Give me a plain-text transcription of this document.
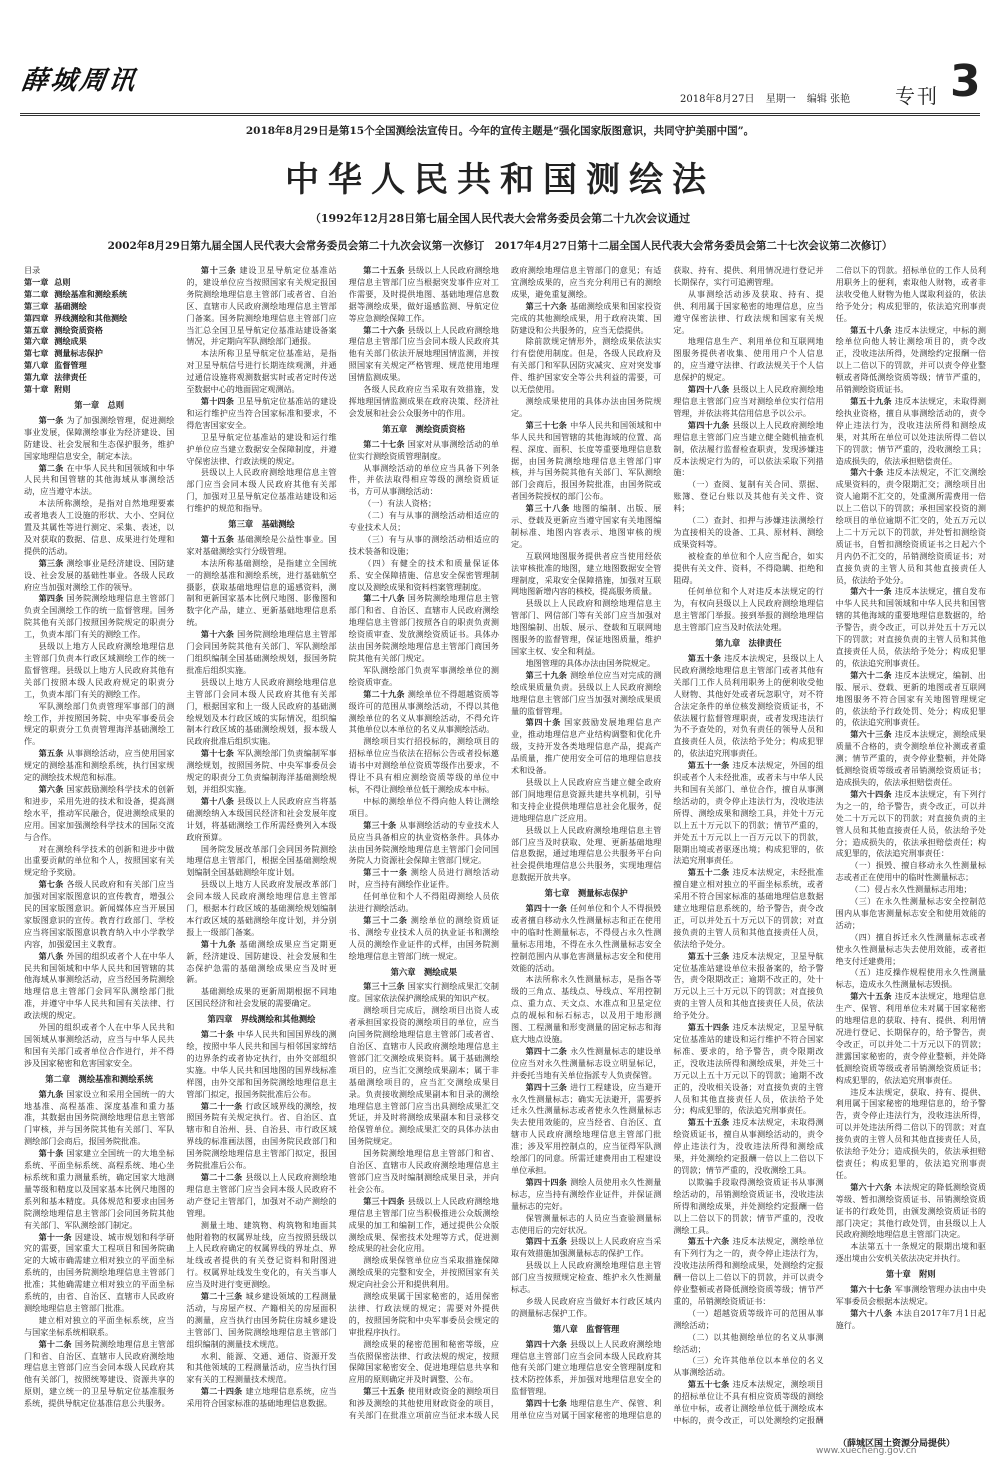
薛城周讯
2018年8月27日 星期一 编辑 张艳	专刊 3
2018年8月29日是第15个全国测绘法宣传日。今年的宣传主题是“强化国家版图意识，共同守护美丽中国”。
中华人民共和国测绘法
（1992年12月28日第七届全国人民代表大会常务委员会第二十九次会议通过
2002年8月29日第九届全国人民代表大会常务委员会第二十九次会议第一次修订　2017年4月27日第十二届全国人民代表大会常务委员会第二十七次会议第二次修订）

目录

第一章 总则

第二章 测绘基准和测绘系统

第三章 基础测绘

第四章 界线测绘和其他测绘

第五章 测绘资质资格

第六章 测绘成果

第七章 测量标志保护

第八章 监督管理

第九章 法律责任

第十章 附则

第一章　总则

第一条 为了加强测绘管理，促进测绘事业发展，保障测绘事业为经济建设、国防建设、社会发展和生态保护服务，维护国家地理信息安全，制定本法。

第二条 在中华人民共和国领域和中华人民共和国管辖的其他海域从事测绘活动，应当遵守本法。

本法所称测绘，是指对自然地理要素或者地表人工设施的形状、大小、空间位置及其属性等进行测定、采集、表述，以及对获取的数据、信息、成果进行处理和提供的活动。

第三条 测绘事业是经济建设、国防建设、社会发展的基础性事业。各级人民政府应当加强对测绘工作的领导。

第四条 国务院测绘地理信息主管部门负责全国测绘工作的统一监督管理。国务院其他有关部门按照国务院规定的职责分工，负责本部门有关的测绘工作。

县级以上地方人民政府测绘地理信息主管部门负责本行政区域测绘工作的统一监督管理。县级以上地方人民政府其他有关部门按照本级人民政府规定的职责分工，负责本部门有关的测绘工作。

军队测绘部门负责管理军事部门的测绘工作，并按照国务院、中央军事委员会规定的职责分工负责管理海洋基础测绘工作。

第五条 从事测绘活动，应当使用国家规定的测绘基准和测绘系统，执行国家规定的测绘技术规范和标准。

第六条 国家鼓励测绘科学技术的创新和进步，采用先进的技术和设备，提高测绘水平，推动军民融合，促进测绘成果的应用。国家加强测绘科学技术的国际交流与合作。

对在测绘科学技术的创新和进步中做出重要贡献的单位和个人，按照国家有关规定给予奖励。

第七条 各级人民政府和有关部门应当加强对国家版图意识的宣传教育，增强公民的国家版图意识。新闻媒体应当开展国家版图意识的宣传。教育行政部门、学校应当将国家版图意识教育纳入中小学教学内容，加强爱国主义教育。

第八条 外国的组织或者个人在中华人民共和国领域和中华人民共和国管辖的其他海域从事测绘活动，应当经国务院测绘地理信息主管部门会同军队测绘部门批准，并遵守中华人民共和国有关法律、行政法规的规定。

外国的组织或者个人在中华人民共和国领域从事测绘活动，应当与中华人民共和国有关部门或者单位合作进行，并不得涉及国家秘密和危害国家安全。

第二章　测绘基准和测绘系统

第九条 国家设立和采用全国统一的大地基准、高程基准、深度基准和重力基准，其数据由国务院测绘地理信息主管部门审核，并与国务院其他有关部门、军队测绘部门会商后，报国务院批准。

第十条 国家建立全国统一的大地坐标系统、平面坐标系统、高程系统、地心坐标系统和重力测量系统，确定国家大地测量等级和精度以及国家基本比例尺地图的系列和基本精度。具体规范和要求由国务院测绘地理信息主管部门会同国务院其他有关部门、军队测绘部门制定。

第十一条 因建设、城市规划和科学研究的需要，国家重大工程项目和国务院确定的大城市确需建立相对独立的平面坐标系统的，由国务院测绘地理信息主管部门批准；其他确需建立相对独立的平面坐标系统的，由省、自治区、直辖市人民政府测绘地理信息主管部门批准。

建立相对独立的平面坐标系统，应当与国家坐标系统相联系。

第十二条 国务院测绘地理信息主管部门和省、自治区、直辖市人民政府测绘地理信息主管部门应当会同本级人民政府其他有关部门，按照统筹建设、资源共享的原则，建立统一的卫星导航定位基准服务系统，提供导航定位基准信息公共服务。

第十三条 建设卫星导航定位基准站的，建设单位应当按照国家有关规定报国务院测绘地理信息主管部门或者省、自治区、直辖市人民政府测绘地理信息主管部门备案。国务院测绘地理信息主管部门应当汇总全国卫星导航定位基准站建设备案情况，并定期向军队测绘部门通报。

本法所称卫星导航定位基准站，是指对卫星导航信号进行长期连续观测，并通过通信设施将观测数据实时或者定时传送至数据中心的地面固定观测站。

第十四条 卫星导航定位基准站的建设和运行维护应当符合国家标准和要求，不得危害国家安全。

卫星导航定位基准站的建设和运行维护单位应当建立数据安全保障制度，并遵守保密法律、行政法规的规定。

县级以上人民政府测绘地理信息主管部门应当会同本级人民政府其他有关部门，加强对卫星导航定位基准站建设和运行维护的规范和指导。

第三章　基础测绘

第十五条 基础测绘是公益性事业。国家对基础测绘实行分级管理。

本法所称基础测绘，是指建立全国统一的测绘基准和测绘系统，进行基础航空摄影，获取基础地理信息的遥感资料，测制和更新国家基本比例尺地图、影像图和数字化产品，建立、更新基础地理信息系统。

第十六条 国务院测绘地理信息主管部门会同国务院其他有关部门、军队测绘部门组织编制全国基础测绘规划，报国务院批准后组织实施。

县级以上地方人民政府测绘地理信息主管部门会同本级人民政府其他有关部门，根据国家和上一级人民政府的基础测绘规划及本行政区域的实际情况，组织编制本行政区域的基础测绘规划，报本级人民政府批准后组织实施。

第十七条 军队测绘部门负责编制军事测绘规划，按照国务院、中央军事委员会规定的职责分工负责编制海洋基础测绘规划，并组织实施。

第十八条 县级以上人民政府应当将基础测绘纳入本级国民经济和社会发展年度计划，将基础测绘工作所需经费列入本级政府预算。

国务院发展改革部门会同国务院测绘地理信息主管部门，根据全国基础测绘规划编制全国基础测绘年度计划。

县级以上地方人民政府发展改革部门会同本级人民政府测绘地理信息主管部门，根据本行政区域的基础测绘规划编制本行政区域的基础测绘年度计划，并分别报上一级部门备案。

第十九条 基础测绘成果应当定期更新，经济建设、国防建设、社会发展和生态保护急需的基础测绘成果应当及时更新。

基础测绘成果的更新周期根据不同地区国民经济和社会发展的需要确定。

第四章　界线测绘和其他测绘

第二十条 中华人民共和国国界线的测绘，按照中华人民共和国与相邻国家缔结的边界条约或者协定执行，由外交部组织实施。中华人民共和国地图的国界线标准样图，由外交部和国务院测绘地理信息主管部门拟定，报国务院批准后公布。

第二十一条 行政区域界线的测绘，按照国务院有关规定执行。省、自治区、直辖市和自治州、县、自治县、市行政区域界线的标准画法图，由国务院民政部门和国务院测绘地理信息主管部门拟定，报国务院批准后公布。

第二十二条 县级以上人民政府测绘地理信息主管部门应当会同本级人民政府不动产登记主管部门，加强对不动产测绘的管理。

测量土地、建筑物、构筑物和地面其他附着物的权属界址线，应当按照县级以上人民政府确定的权属界线的界址点、界址线或者提供的有关登记资料和附图进行。权属界址线发生变化的，有关当事人应当及时进行变更测绘。

第二十三条 城乡建设领域的工程测量活动，与房屋产权、产籍相关的房屋面积的测量，应当执行由国务院住房城乡建设主管部门、国务院测绘地理信息主管部门组织编制的测量技术规范。

水利、能源、交通、通信、资源开发和其他领域的工程测量活动，应当执行国家有关的工程测量技术规范。

第二十四条 建立地理信息系统，应当采用符合国家标准的基础地理信息数据。

第二十五条 县级以上人民政府测绘地理信息主管部门应当根据突发事件应对工作需要，及时提供地图、基础地理信息数据等测绘成果，做好遥感监测、导航定位等应急测绘保障工作。

第二十六条 县级以上人民政府测绘地理信息主管部门应当会同本级人民政府其他有关部门依法开展地理国情监测，并按照国家有关规定严格管理、规范使用地理国情监测成果。

各级人民政府应当采取有效措施，发挥地理国情监测成果在政府决策、经济社会发展和社会公众服务中的作用。

第五章　测绘资质资格

第二十七条 国家对从事测绘活动的单位实行测绘资质管理制度。

从事测绘活动的单位应当具备下列条件，并依法取得相应等级的测绘资质证书，方可从事测绘活动：

（一）有法人资格；

（二）有与从事的测绘活动相适应的专业技术人员；

（三）有与从事的测绘活动相适应的技术装备和设施；

（四）有健全的技术和质量保证体系、安全保障措施、信息安全保密管理制度以及测绘成果和资料档案管理制度。

第二十八条 国务院测绘地理信息主管部门和省、自治区、直辖市人民政府测绘地理信息主管部门按照各自的职责负责测绘资质审查、发放测绘资质证书。具体办法由国务院测绘地理信息主管部门商国务院其他有关部门规定。

军队测绘部门负责军事测绘单位的测绘资质审查。

第二十九条 测绘单位不得超越资质等级许可的范围从事测绘活动，不得以其他测绘单位的名义从事测绘活动，不得允许其他单位以本单位的名义从事测绘活动。

测绘项目实行招投标的，测绘项目的招标单位应当依法在招标公告或者投标邀请书中对测绘单位资质等级作出要求，不得让不具有相应测绘资质等级的单位中标，不得让测绘单位低于测绘成本中标。

中标的测绘单位不得向他人转让测绘项目。

第三十条 从事测绘活动的专业技术人员应当具备相应的执业资格条件。具体办法由国务院测绘地理信息主管部门会同国务院人力资源社会保障主管部门规定。

第三十一条 测绘人员进行测绘活动时，应当持有测绘作业证件。

任何单位和个人不得阻碍测绘人员依法进行测绘活动。

第三十二条 测绘单位的测绘资质证书、测绘专业技术人员的执业证书和测绘人员的测绘作业证件的式样，由国务院测绘地理信息主管部门统一规定。

第六章　测绘成果

第三十三条 国家实行测绘成果汇交制度。国家依法保护测绘成果的知识产权。

测绘项目完成后，测绘项目出资人或者承担国家投资的测绘项目的单位，应当向国务院测绘地理信息主管部门或者省、自治区、直辖市人民政府测绘地理信息主管部门汇交测绘成果资料。属于基础测绘项目的，应当汇交测绘成果副本；属于非基础测绘项目的，应当汇交测绘成果目录。负责接收测绘成果副本和目录的测绘地理信息主管部门应当出具测绘成果汇交凭证，并及时将测绘成果副本和目录移交给保管单位。测绘成果汇交的具体办法由国务院规定。

国务院测绘地理信息主管部门和省、自治区、直辖市人民政府测绘地理信息主管部门应当及时编制测绘成果目录，并向社会公布。

第三十四条 县级以上人民政府测绘地理信息主管部门应当积极推进公众版测绘成果的加工和编制工作，通过提供公众版测绘成果、保密技术处理等方式，促进测绘成果的社会化应用。

测绘成果保管单位应当采取措施保障测绘成果的完整和安全，并按照国家有关规定向社会公开和提供利用。

测绘成果属于国家秘密的，适用保密法律、行政法规的规定；需要对外提供的，按照国务院和中央军事委员会规定的审批程序执行。

测绘成果的秘密范围和秘密等级，应当依照保密法律、行政法规的规定，按照保障国家秘密安全、促进地理信息共享和应用的原则确定并及时调整、公布。

第三十五条 使用财政资金的测绘项目和涉及测绘的其他使用财政资金的项目，有关部门在批准立项前应当征求本级人民政府测绘地理信息主管部门的意见；有适宜测绘成果的，应当充分利用已有的测绘成果，避免重复测绘。

第三十六条 基础测绘成果和国家投资完成的其他测绘成果，用于政府决策、国防建设和公共服务的，应当无偿提供。

除前款规定情形外，测绘成果依法实行有偿使用制度。但是，各级人民政府及有关部门和军队因防灾减灾、应对突发事件、维护国家安全等公共利益的需要，可以无偿使用。

测绘成果使用的具体办法由国务院规定。

第三十七条 中华人民共和国领域和中华人民共和国管辖的其他海域的位置、高程、深度、面积、长度等重要地理信息数据，由国务院测绘地理信息主管部门审核，并与国务院其他有关部门、军队测绘部门会商后，报国务院批准，由国务院或者国务院授权的部门公布。

第三十八条 地图的编制、出版、展示、登载及更新应当遵守国家有关地图编制标准、地图内容表示、地图审核的规定。

互联网地图服务提供者应当使用经依法审核批准的地图，建立地图数据安全管理制度，采取安全保障措施，加强对互联网地图新增内容的核校，提高服务质量。

县级以上人民政府和测绘地理信息主管部门、网信部门等有关部门应当加强对地图编制、出版、展示、登载和互联网地图服务的监督管理，保证地图质量，维护国家主权、安全和利益。

地图管理的具体办法由国务院规定。

第三十九条 测绘单位应当对完成的测绘成果质量负责。县级以上人民政府测绘地理信息主管部门应当加强对测绘成果质量的监督管理。

第四十条 国家鼓励发展地理信息产业，推动地理信息产业结构调整和优化升级，支持开发各类地理信息产品，提高产品质量，推广使用安全可信的地理信息技术和设备。

县级以上人民政府应当建立健全政府部门间地理信息资源共建共享机制，引导和支持企业提供地理信息社会化服务，促进地理信息广泛应用。

县级以上人民政府测绘地理信息主管部门应当及时获取、处理、更新基础地理信息数据，通过地理信息公共服务平台向社会提供地理信息公共服务，实现地理信息数据开放共享。

第七章　测量标志保护

第四十一条 任何单位和个人不得损毁或者擅自移动永久性测量标志和正在使用中的临时性测量标志，不得侵占永久性测量标志用地，不得在永久性测量标志安全控制范围内从事危害测量标志安全和使用效能的活动。

本法所称永久性测量标志，是指各等级的三角点、基线点、导线点、军用控制点、重力点、天文点、水准点和卫星定位点的觇标和标石标志，以及用于地形测图、工程测量和形变测量的固定标志和海底大地点设施。

第四十二条 永久性测量标志的建设单位应当对永久性测量标志设立明显标记，并委托当地有关单位指派专人负责保管。

第四十三条 进行工程建设，应当避开永久性测量标志；确实无法避开，需要拆迁永久性测量标志或者使永久性测量标志失去使用效能的，应当经省、自治区、直辖市人民政府测绘地理信息主管部门批准；涉及军用控制点的，应当征得军队测绘部门的同意。所需迁建费用由工程建设单位承担。

第四十四条 测绘人员使用永久性测量标志，应当持有测绘作业证件，并保证测量标志的完好。

保管测量标志的人员应当查验测量标志使用后的完好状况。

第四十五条 县级以上人民政府应当采取有效措施加强测量标志的保护工作。

县级以上人民政府测绘地理信息主管部门应当按照规定检查、维护永久性测量标志。

乡级人民政府应当做好本行政区域内的测量标志保护工作。

第八章　监督管理

第四十六条 县级以上人民政府测绘地理信息主管部门应当会同本级人民政府其他有关部门建立地理信息安全管理制度和技术防控体系，并加强对地理信息安全的监督管理。

第四十七条 地理信息生产、保管、利用单位应当对属于国家秘密的地理信息的获取、持有、提供、利用情况进行登记并长期保存，实行可追溯管理。

从事测绘活动涉及获取、持有、提供、利用属于国家秘密的地理信息，应当遵守保密法律、行政法规和国家有关规定。

地理信息生产、利用单位和互联网地图服务提供者收集、使用用户个人信息的，应当遵守法律、行政法规关于个人信息保护的规定。

第四十八条 县级以上人民政府测绘地理信息主管部门应当对测绘单位实行信用管理，并依法将其信用信息予以公示。

第四十九条 县级以上人民政府测绘地理信息主管部门应当建立健全随机抽查机制，依法履行监督检查职责，发现涉嫌违反本法规定行为的，可以依法采取下列措施：

（一）查阅、复制有关合同、票据、账簿、登记台账以及其他有关文件、资料；

（二）查封、扣押与涉嫌违法测绘行为直接相关的设备、工具、原材料、测绘成果资料等。

被检查的单位和个人应当配合，如实提供有关文件、资料，不得隐瞒、拒绝和阻碍。

任何单位和个人对违反本法规定的行为，有权向县级以上人民政府测绘地理信息主管部门举报。接到举报的测绘地理信息主管部门应当及时依法处理。

第九章　法律责任

第五十条 违反本法规定，县级以上人民政府测绘地理信息主管部门或者其他有关部门工作人员利用职务上的便利收受他人财物、其他好处或者玩忽职守，对不符合法定条件的单位核发测绘资质证书，不依法履行监督管理职责，或者发现违法行为不予查处的，对负有责任的领导人员和直接责任人员，依法给予处分；构成犯罪的，依法追究刑事责任。

第五十一条 违反本法规定，外国的组织或者个人未经批准，或者未与中华人民共和国有关部门、单位合作，擅自从事测绘活动的，责令停止违法行为，没收违法所得、测绘成果和测绘工具，并处十万元以上五十万元以下的罚款；情节严重的，并处五十万元以上一百万元以下的罚款，限期出境或者驱逐出境；构成犯罪的，依法追究刑事责任。

第五十二条 违反本法规定，未经批准擅自建立相对独立的平面坐标系统，或者采用不符合国家标准的基础地理信息数据建立地理信息系统的，给予警告，责令改正，可以并处五十万元以下的罚款；对直接负责的主管人员和其他直接责任人员，依法给予处分。

第五十三条 违反本法规定，卫星导航定位基准站建设单位未报备案的，给予警告，责令限期改正；逾期不改正的，处十万元以上三十万元以下的罚款；对直接负责的主管人员和其他直接责任人员，依法给予处分。

第五十四条 违反本法规定，卫星导航定位基准站的建设和运行维护不符合国家标准、要求的，给予警告，责令限期改正，没收违法所得和测绘成果，并处三十万元以上五十万元以下的罚款；逾期不改正的，没收相关设备；对直接负责的主管人员和其他直接责任人员，依法给予处分；构成犯罪的，依法追究刑事责任。

第五十五条 违反本法规定，未取得测绘资质证书，擅自从事测绘活动的，责令停止违法行为，没收违法所得和测绘成果，并处测绘约定报酬一倍以上二倍以下的罚款；情节严重的，没收测绘工具。

以欺骗手段取得测绘资质证书从事测绘活动的，吊销测绘资质证书，没收违法所得和测绘成果，并处测绘约定报酬一倍以上二倍以下的罚款；情节严重的，没收测绘工具。

第五十六条 违反本法规定，测绘单位有下列行为之一的，责令停止违法行为，没收违法所得和测绘成果，处测绘约定报酬一倍以上二倍以下的罚款，并可以责令停业整顿或者降低测绘资质等级；情节严重的，吊销测绘资质证书：

（一）超越资质等级许可的范围从事测绘活动；

（二）以其他测绘单位的名义从事测绘活动；

（三）允许其他单位以本单位的名义从事测绘活动。

第五十七条 违反本法规定，测绘项目的招标单位让不具有相应资质等级的测绘单位中标，或者让测绘单位低于测绘成本中标的，责令改正，可以处测绘约定报酬二倍以下的罚款。招标单位的工作人员利用职务上的便利，索取他人财物，或者非法收受他人财物为他人谋取利益的，依法给予处分；构成犯罪的，依法追究刑事责任。

第五十八条 违反本法规定，中标的测绘单位向他人转让测绘项目的，责令改正，没收违法所得，处测绘约定报酬一倍以上二倍以下的罚款，并可以责令停业整顿或者降低测绘资质等级；情节严重的，吊销测绘资质证书。

第五十九条 违反本法规定，未取得测绘执业资格，擅自从事测绘活动的，责令停止违法行为，没收违法所得和测绘成果，对其所在单位可以处违法所得二倍以下的罚款；情节严重的，没收测绘工具；造成损失的，依法承担赔偿责任。

第六十条 违反本法规定，不汇交测绘成果资料的，责令限期汇交；测绘项目出资人逾期不汇交的，处重测所需费用一倍以上二倍以下的罚款；承担国家投资的测绘项目的单位逾期不汇交的，处五万元以上二十万元以下的罚款，并处暂扣测绘资质证书，自暂扣测绘资质证书之日起六个月内仍不汇交的，吊销测绘资质证书；对直接负责的主管人员和其他直接责任人员，依法给予处分。

第六十一条 违反本法规定，擅自发布中华人民共和国领域和中华人民共和国管辖的其他海域的重要地理信息数据的，给予警告，责令改正，可以并处五十万元以下的罚款；对直接负责的主管人员和其他直接责任人员，依法给予处分；构成犯罪的，依法追究刑事责任。

第六十二条 违反本法规定，编制、出版、展示、登载、更新的地图或者互联网地图服务不符合国家有关地图管理规定的，依法给予行政处罚、处分；构成犯罪的，依法追究刑事责任。

第六十三条 违反本法规定，测绘成果质量不合格的，责令测绘单位补测或者重测；情节严重的，责令停业整顿，并处降低测绘资质等级或者吊销测绘资质证书；造成损失的，依法承担赔偿责任。

第六十四条 违反本法规定，有下列行为之一的，给予警告，责令改正，可以并处二十万元以下的罚款；对直接负责的主管人员和其他直接责任人员，依法给予处分；造成损失的，依法承担赔偿责任；构成犯罪的，依法追究刑事责任：

（一）损毁、擅自移动永久性测量标志或者正在使用中的临时性测量标志；

（二）侵占永久性测量标志用地；

（三）在永久性测量标志安全控制范围内从事危害测量标志安全和使用效能的活动；

（四）擅自拆迁永久性测量标志或者使永久性测量标志失去使用效能，或者拒绝支付迁建费用；

（五）违反操作规程使用永久性测量标志，造成永久性测量标志毁损。

第六十五条 违反本法规定，地理信息生产、保管、利用单位未对属于国家秘密的地理信息的获取、持有、提供、利用情况进行登记、长期保存的，给予警告，责令改正，可以并处二十万元以下的罚款；泄露国家秘密的，责令停业整顿，并处降低测绘资质等级或者吊销测绘资质证书；构成犯罪的，依法追究刑事责任。

违反本法规定，获取、持有、提供、利用属于国家秘密的地理信息的，给予警告，责令停止违法行为，没收违法所得，可以并处违法所得二倍以下的罚款；对直接负责的主管人员和其他直接责任人员，依法给予处分；造成损失的，依法承担赔偿责任；构成犯罪的，依法追究刑事责任。

第六十六条 本法规定的降低测绘资质等级、暂扣测绘资质证书、吊销测绘资质证书的行政处罚，由颁发测绘资质证书的部门决定；其他行政处罚，由县级以上人民政府测绘地理信息主管部门决定。

本法第五十一条规定的限期出境和驱逐出境由公安机关依法决定并执行。

第十章　附则

第六十七条 军事测绘管理办法由中央军事委员会根据本法规定。

第六十八条 本法自2017年7月1日起施行。

（薛城区国土资源分局提供）
www.xuecheng.gov.cn
